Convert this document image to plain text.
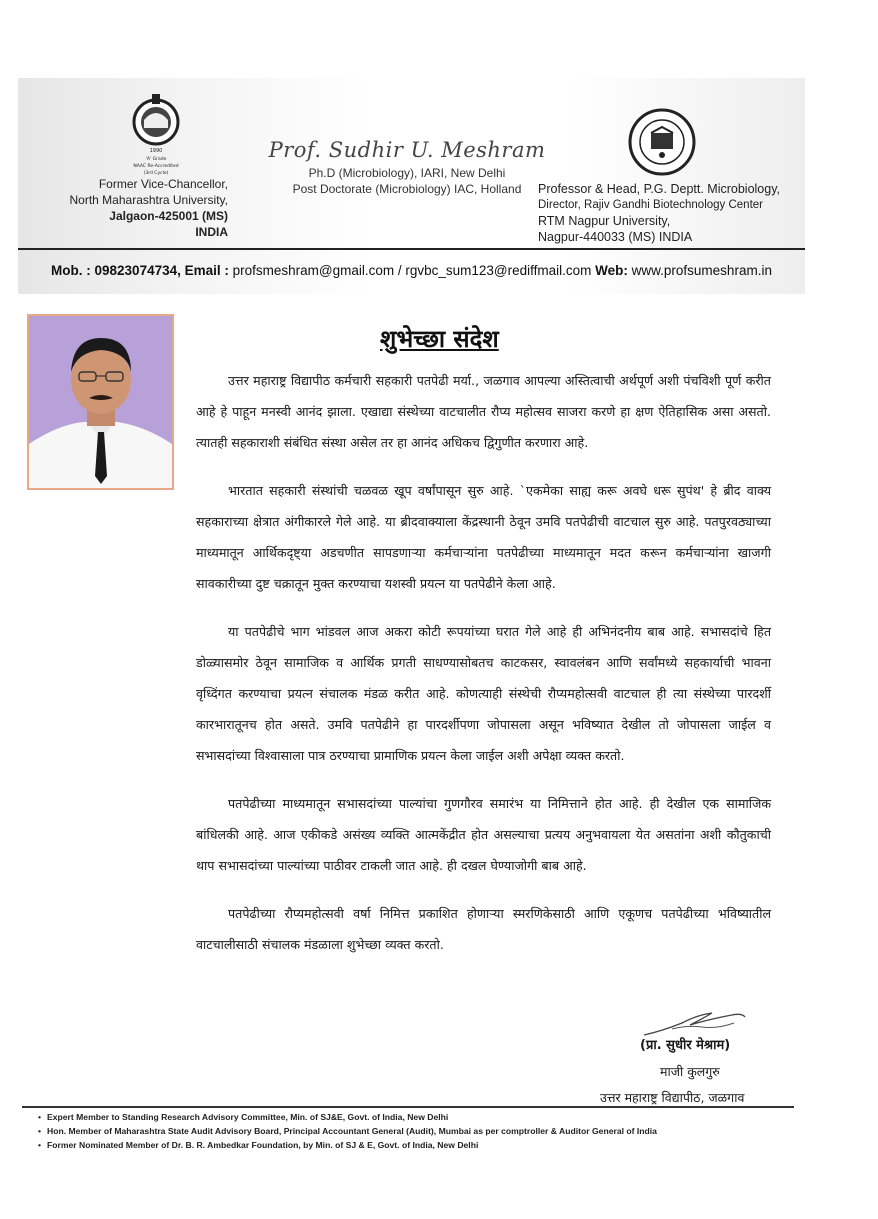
1990
'A' Grade
NAAC Re-Accredited
(3rd Cycle)
Former Vice-Chancellor,
North Maharashtra University,
Jalgaon-425001 (MS)
INDIA
Prof. Sudhir U. Meshram
Ph.D (Microbiology), IARI, New Delhi
Post Doctorate (Microbiology) IAC, Holland	Professor & Head, P.G. Deptt. Microbiology,
Director, Rajiv Gandhi Biotechnology Center
RTM Nagpur University,
Nagpur-440033 (MS) INDIA
Mob. : 09823074734, Email : profsmeshram@gmail.com / rgvbc_sum123@rediffmail.com Web: www.profsumeshram.in
शुभेच्छा संदेश

उत्तर महाराष्ट्र विद्यापीठ कर्मचारी सहकारी पतपेढी मर्या., जळगाव आपल्या अस्तित्वाची अर्थपूर्ण अशी पंचविशी पूर्ण करीत आहे हे पाहून मनस्वी आनंद झाला. एखाद्या संस्थेच्या वाटचालीत रौप्य महोत्सव साजरा करणे हा क्षण ऐतिहासिक असा असतो. त्यातही सहकाराशी संबंधित संस्था असेल तर हा आनंद अधिकच द्विगुणीत करणारा आहे.

भारतात सहकारी संस्थांची चळवळ खूप वर्षांपासून सुरु आहे. `एकमेका साह्य करू अवघे धरू सुपंथ' हे ब्रीद वाक्य सहकाराच्या क्षेत्रात अंगीकारले गेले आहे. या ब्रीदवाक्याला केंद्रस्थानी ठेवून उमवि पतपेढीची वाटचाल सुरु आहे. पतपुरवठ्याच्या माध्यमातून आर्थिकदृष्ट्या अडचणीत सापडणाऱ्या कर्मचाऱ्यांना पतपेढीच्या माध्यमातून मदत करून कर्मचाऱ्यांना खाजगी सावकारीच्या दुष्ट चक्रातून मुक्त करण्याचा यशस्वी प्रयत्न या पतपेढीने केला आहे.

या पतपेढीचे भाग भांडवल आज अकरा कोटी रूपयांच्या घरात गेले आहे ही अभिनंदनीय बाब आहे. सभासदांचे हित डोळ्यासमोर ठेवून सामाजिक व आर्थिक प्रगती साधण्यासोबतच काटकसर, स्वावलंबन आणि सर्वांमध्ये सहकार्याची भावना वृध्दिंगत करण्याचा प्रयत्न संचालक मंडळ करीत आहे. कोणत्याही संस्थेची रौप्यमहोत्सवी वाटचाल ही त्या संस्थेच्या पारदर्शी कारभारातूनच होत असते. उमवि पतपेढीने हा पारदर्शीपणा जोपासला असून भविष्यात देखील तो जोपासला जाईल व सभासदांच्या विश्वासाला पात्र ठरण्याचा प्रामाणिक प्रयत्न केला जाईल अशी अपेक्षा व्यक्त करतो.

पतपेढीच्या माध्यमातून सभासदांच्या पाल्यांचा गुणगौरव समारंभ या निमित्ताने होत आहे. ही देखील एक सामाजिक बांधिलकी आहे. आज एकीकडे असंख्य व्यक्ति आत्मकेंद्रीत होत असल्याचा प्रत्यय अनुभवायला येत असतांना अशी कौतुकाची थाप सभासदांच्या पाल्यांच्या पाठीवर टाकली जात आहे. ही दखल घेण्याजोगी बाब आहे.

पतपेढीच्या रौप्यमहोत्सवी वर्षा निमित्त प्रकाशित होणाऱ्या स्मरणिकेसाठी आणि एकूणच पतपेढीच्या भविष्यातील वाटचालीसाठी संचालक मंडळाला शुभेच्छा व्यक्त करतो.

(प्रा. सुधीर मेश्राम)
माजी कुलगुरु
उत्तर महाराष्ट्र विद्यापीठ, जळगाव
• Expert Member to Standing Research Advisory Committee, Min. of SJ&E, Govt. of India, New Delhi
• Hon. Member of Maharashtra State Audit Advisory Board, Principal Accountant General (Audit), Mumbai as per comptroller & Auditor General of India
• Former Nominated Member of Dr. B. R. Ambedkar Foundation, by Min. of SJ & E, Govt. of India, New Delhi
